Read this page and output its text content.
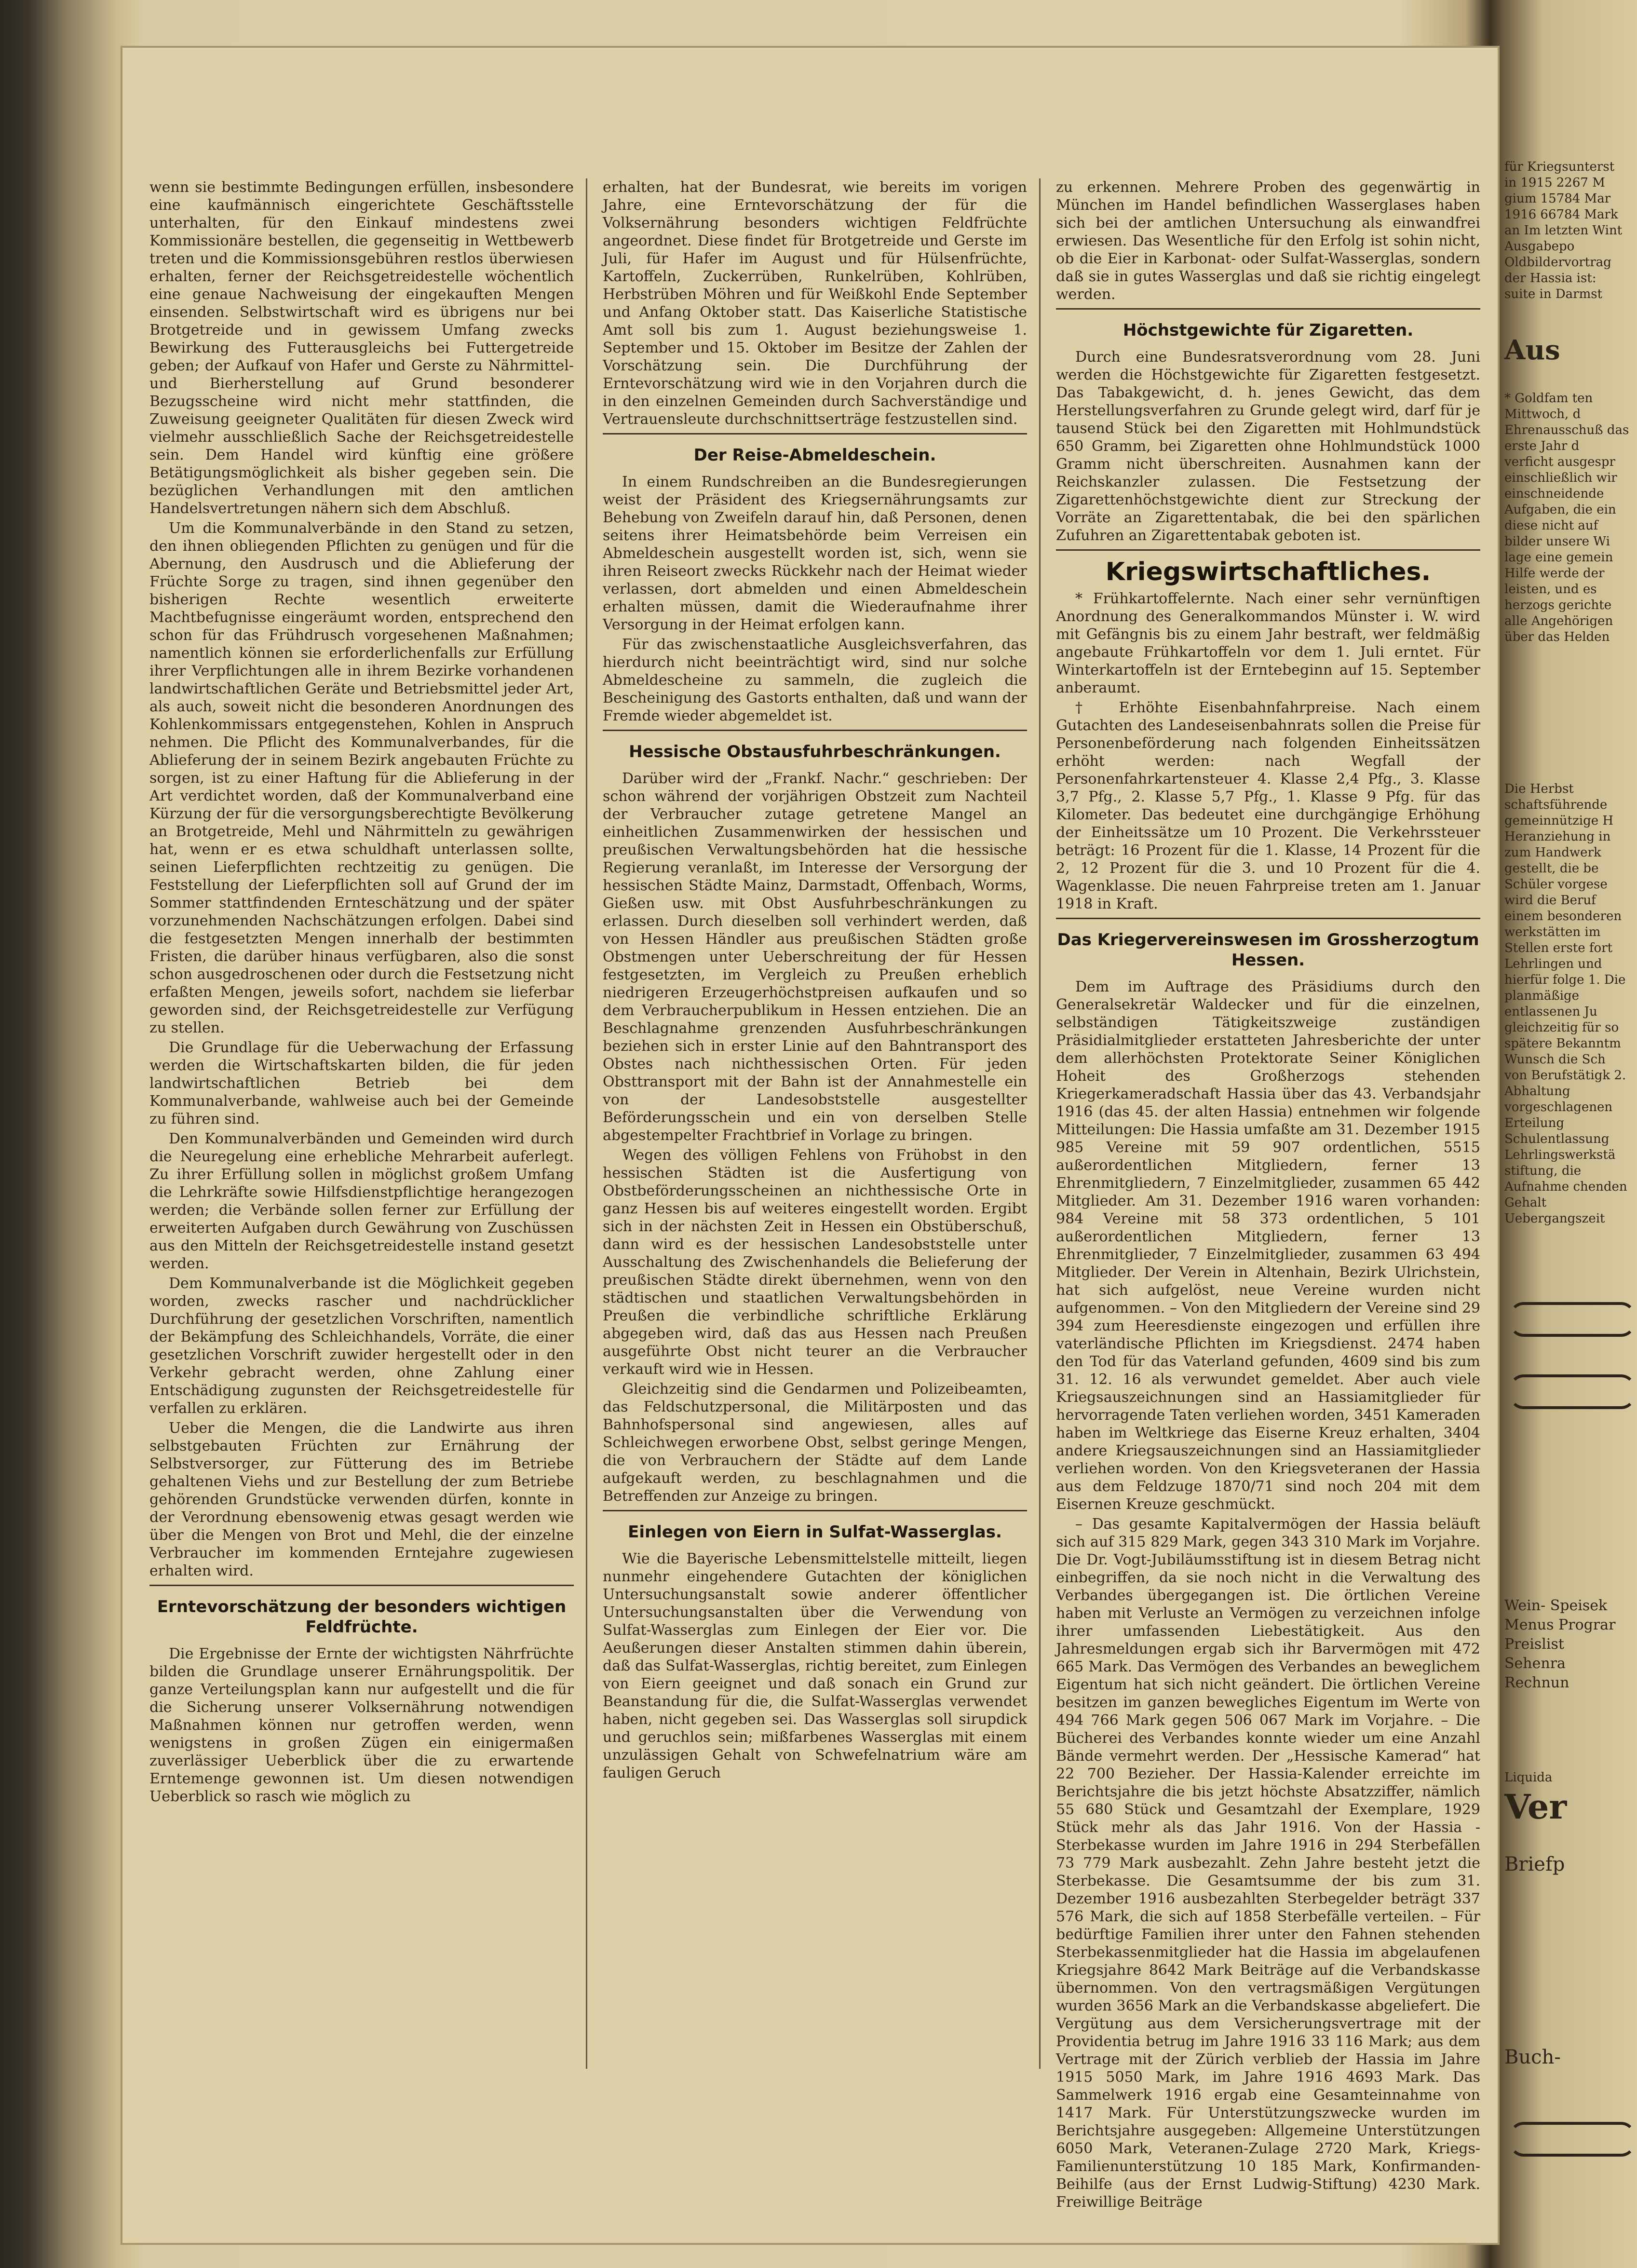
wenn sie bestimmte Bedingungen erfüllen, insbesondere eine kaufmännisch eingerichtete Geschäftsstelle unterhalten, für den Einkauf mindestens zwei Kommissionäre bestellen, die gegenseitig in Wettbewerb treten und die Kommissionsgebühren restlos überwiesen erhalten, ferner der Reichsgetreidestelle wöchentlich eine genaue Nachweisung der eingekauften Mengen einsenden. Selbstwirtschaft wird es übrigens nur bei Brotgetreide und in gewissem Umfang zwecks Bewirkung des Futterausgleichs bei Futtergetreide geben; der Aufkauf von Hafer und Gerste zu Nährmittel- und Bierherstellung auf Grund besonderer Bezugsscheine wird nicht mehr stattfinden, die Zuweisung geeigneter Qualitäten für diesen Zweck wird vielmehr ausschließlich Sache der Reichsgetreidestelle sein. Dem Handel wird künftig eine größere Betätigungsmöglichkeit als bisher gegeben sein. Die bezüglichen Verhandlungen mit den amtlichen Handelsvertretungen nähern sich dem Abschluß.

Um die Kommunalverbände in den Stand zu setzen, den ihnen obliegenden Pflichten zu genügen und für die Abernung, den Ausdrusch und die Ablieferung der Früchte Sorge zu tragen, sind ihnen gegenüber den bisherigen Rechte wesentlich erweiterte Machtbefugnisse eingeräumt worden, entsprechend den schon für das Frühdrusch vorgesehenen Maßnahmen; namentlich können sie erforderlichenfalls zur Erfüllung ihrer Verpflichtungen alle in ihrem Bezirke vorhandenen landwirtschaftlichen Geräte und Betriebsmittel jeder Art, als auch, soweit nicht die besonderen Anordnungen des Kohlenkommissars entgegenstehen, Kohlen in Anspruch nehmen. Die Pflicht des Kommunalverbandes, für die Ablieferung der in seinem Bezirk angebauten Früchte zu sorgen, ist zu einer Haftung für die Ablieferung in der Art verdichtet worden, daß der Kommunalverband eine Kürzung der für die versorgungsberechtigte Bevölkerung an Brotgetreide, Mehl und Nährmitteln zu gewährigen hat, wenn er es etwa schuldhaft unterlassen sollte, seinen Lieferpflichten rechtzeitig zu genügen. Die Feststellung der Lieferpflichten soll auf Grund der im Sommer stattfindenden Ernteschätzung und der später vorzunehmenden Nachschätzungen erfolgen. Dabei sind die festgesetzten Mengen innerhalb der bestimmten Fristen, die darüber hinaus verfügbaren, also die sonst schon ausgedroschenen oder durch die Festsetzung nicht erfaßten Mengen, jeweils sofort, nachdem sie lieferbar geworden sind, der Reichsgetreidestelle zur Verfügung zu stellen.

Die Grundlage für die Ueberwachung der Erfassung werden die Wirtschaftskarten bilden, die für jeden landwirtschaftlichen Betrieb bei dem Kommunalverbande, wahlweise auch bei der Gemeinde zu führen sind.

Den Kommunalverbänden und Gemeinden wird durch die Neuregelung eine erhebliche Mehrarbeit auferlegt. Zu ihrer Erfüllung sollen in möglichst großem Umfang die Lehrkräfte sowie Hilfsdienstpflichtige herangezogen werden; die Verbände sollen ferner zur Erfüllung der erweiterten Aufgaben durch Gewährung von Zuschüssen aus den Mitteln der Reichsgetreidestelle instand gesetzt werden.

Dem Kommunalverbande ist die Möglichkeit gegeben worden, zwecks rascher und nachdrücklicher Durchführung der gesetzlichen Vorschriften, namentlich der Bekämpfung des Schleichhandels, Vorräte, die einer gesetzlichen Vorschrift zuwider hergestellt oder in den Verkehr gebracht werden, ohne Zahlung einer Entschädigung zugunsten der Reichsgetreidestelle für verfallen zu erklären.

Ueber die Mengen, die die Landwirte aus ihren selbstgebauten Früchten zur Ernährung der Selbstversorger, zur Fütterung des im Betriebe gehaltenen Viehs und zur Bestellung der zum Betriebe gehörenden Grundstücke verwenden dürfen, konnte in der Verordnung ebensowenig etwas gesagt werden wie über die Mengen von Brot und Mehl, die der einzelne Verbraucher im kommenden Erntejahre zugewiesen erhalten wird.

Erntevorschätzung der besonders wichtigen Feldfrüchte.

Die Ergebnisse der Ernte der wichtigsten Nährfrüchte bilden die Grundlage unserer Ernährungspolitik. Der ganze Verteilungsplan kann nur aufgestellt und die für die Sicherung unserer Volksernährung notwendigen Maßnahmen können nur getroffen werden, wenn wenigstens in großen Zügen ein einigermaßen zuverlässiger Ueberblick über die zu erwartende Erntemenge gewonnen ist. Um diesen notwendigen Ueberblick so rasch wie möglich zu

erhalten, hat der Bundesrat, wie bereits im vorigen Jahre, eine Erntevorschätzung der für die Volksernährung besonders wichtigen Feldfrüchte angeordnet. Diese findet für Brotgetreide und Gerste im Juli, für Hafer im August und für Hülsenfrüchte, Kartoffeln, Zuckerrüben, Runkelrüben, Kohlrüben, Herbstrüben Möhren und für Weißkohl Ende September und Anfang Oktober statt. Das Kaiserliche Statistische Amt soll bis zum 1. August beziehungsweise 1. September und 15. Oktober im Besitze der Zahlen der Vorschätzung sein. Die Durchführung der Erntevorschätzung wird wie in den Vorjahren durch die in den einzelnen Gemeinden durch Sachverständige und Vertrauensleute durchschnittserträge festzustellen sind.

Der Reise-Abmeldeschein.

In einem Rundschreiben an die Bundesregierungen weist der Präsident des Kriegsernährungsamts zur Behebung von Zweifeln darauf hin, daß Personen, denen seitens ihrer Heimatsbehörde beim Verreisen ein Abmeldeschein ausgestellt worden ist, sich, wenn sie ihren Reiseort zwecks Rückkehr nach der Heimat wieder verlassen, dort abmelden und einen Abmeldeschein erhalten müssen, damit die Wiederaufnahme ihrer Versorgung in der Heimat erfolgen kann.

Für das zwischenstaatliche Ausgleichsverfahren, das hierdurch nicht beeinträchtigt wird, sind nur solche Abmeldescheine zu sammeln, die zugleich die Bescheinigung des Gastorts enthalten, daß und wann der Fremde wieder abgemeldet ist.

Hessische Obstausfuhrbeschränkungen.

Darüber wird der „Frankf. Nachr.“ geschrieben: Der schon während der vorjährigen Obstzeit zum Nachteil der Verbraucher zutage getretene Mangel an einheitlichen Zusammenwirken der hessischen und preußischen Verwaltungsbehörden hat die hessische Regierung veranlaßt, im Interesse der Versorgung der hessischen Städte Mainz, Darmstadt, Offenbach, Worms, Gießen usw. mit Obst Ausfuhrbeschränkungen zu erlassen. Durch dieselben soll verhindert werden, daß von Hessen Händler aus preußischen Städten große Obstmengen unter Ueberschreitung der für Hessen festgesetzten, im Vergleich zu Preußen erheblich niedrigeren Erzeugerhöchstpreisen aufkaufen und so dem Verbraucherpublikum in Hessen entziehen. Die an Beschlagnahme grenzenden Ausfuhrbeschränkungen beziehen sich in erster Linie auf den Bahntransport des Obstes nach nichthessischen Orten. Für jeden Obsttransport mit der Bahn ist der Annahmestelle ein von der Landesobststelle ausgestellter Beförderungsschein und ein von derselben Stelle abgestempelter Frachtbrief in Vorlage zu bringen.

Wegen des völligen Fehlens von Frühobst in den hessischen Städten ist die Ausfertigung von Obstbeförderungsscheinen an nichthessische Orte in ganz Hessen bis auf weiteres eingestellt worden. Ergibt sich in der nächsten Zeit in Hessen ein Obstüberschuß, dann wird es der hessischen Landesobststelle unter Ausschaltung des Zwischenhandels die Belieferung der preußischen Städte direkt übernehmen, wenn von den städtischen und staatlichen Verwaltungsbehörden in Preußen die verbindliche schriftliche Erklärung abgegeben wird, daß das aus Hessen nach Preußen ausgeführte Obst nicht teurer an die Verbraucher verkauft wird wie in Hessen.

Gleichzeitig sind die Gendarmen und Polizeibeamten, das Feldschutzpersonal, die Militärposten und das Bahnhofspersonal sind angewiesen, alles auf Schleichwegen erworbene Obst, selbst geringe Mengen, die von Verbrauchern der Städte auf dem Lande aufgekauft werden, zu beschlagnahmen und die Betreffenden zur Anzeige zu bringen.

Einlegen von Eiern in Sulfat-Wasserglas.

Wie die Bayerische Lebensmittelstelle mitteilt, liegen nunmehr eingehendere Gutachten der königlichen Untersuchungsanstalt sowie anderer öffentlicher Untersuchungsanstalten über die Verwendung von Sulfat-Wasserglas zum Einlegen der Eier vor. Die Aeußerungen dieser Anstalten stimmen dahin überein, daß das Sulfat-Wasserglas, richtig bereitet, zum Einlegen von Eiern geeignet und daß sonach ein Grund zur Beanstandung für die, die Sulfat-Wasserglas verwendet haben, nicht gegeben sei. Das Wasserglas soll sirupdick und geruchlos sein; mißfarbenes Wasserglas mit einem unzulässigen Gehalt von Schwefelnatrium wäre am fauligen Geruch

zu erkennen. Mehrere Proben des gegenwärtig in München im Handel befindlichen Wasserglases haben sich bei der amtlichen Untersuchung als einwandfrei erwiesen. Das Wesentliche für den Erfolg ist sohin nicht, ob die Eier in Karbonat- oder Sulfat-Wasserglas, sondern daß sie in gutes Wasserglas und daß sie richtig eingelegt werden.

Höchstgewichte für Zigaretten.

Durch eine Bundesratsverordnung vom 28. Juni werden die Höchstgewichte für Zigaretten festgesetzt. Das Tabakgewicht, d. h. jenes Gewicht, das dem Herstellungsverfahren zu Grunde gelegt wird, darf für je tausend Stück bei den Zigaretten mit Hohlmundstück 650 Gramm, bei Zigaretten ohne Hohlmundstück 1000 Gramm nicht überschreiten. Ausnahmen kann der Reichskanzler zulassen. Die Festsetzung der Zigarettenhöchstgewichte dient zur Streckung der Vorräte an Zigarettentabak, die bei den spärlichen Zufuhren an Zigarettentabak geboten ist.

Kriegswirtschaftliches.

* Frühkartoffelernte. Nach einer sehr vernünftigen Anordnung des Generalkommandos Münster i. W. wird mit Gefängnis bis zu einem Jahr bestraft, wer feldmäßig angebaute Frühkartoffeln vor dem 1. Juli erntet. Für Winterkartoffeln ist der Erntebeginn auf 15. September anberaumt.

† Erhöhte Eisenbahnfahrpreise. Nach einem Gutachten des Landeseisenbahnrats sollen die Preise für Personenbeförderung nach folgenden Einheitssätzen erhöht werden: nach Wegfall der Personenfahrkartensteuer 4. Klasse 2,4 Pfg., 3. Klasse 3,7 Pfg., 2. Klasse 5,7 Pfg., 1. Klasse 9 Pfg. für das Kilometer. Das bedeutet eine durchgängige Erhöhung der Einheitssätze um 10 Prozent. Die Verkehrssteuer beträgt: 16 Prozent für die 1. Klasse, 14 Prozent für die 2, 12 Prozent für die 3. und 10 Prozent für die 4. Wagenklasse. Die neuen Fahrpreise treten am 1. Januar 1918 in Kraft.

Das Kriegervereinswesen im Grossherzogtum Hessen.

Dem im Auftrage des Präsidiums durch den Generalsekretär Waldecker und für die einzelnen, selbständigen Tätigkeitszweige zuständigen Präsidialmitglieder erstatteten Jahresberichte der unter dem allerhöchsten Protektorate Seiner Königlichen Hoheit des Großherzogs stehenden Kriegerkameradschaft Hassia über das 43. Verbandsjahr 1916 (das 45. der alten Hassia) entnehmen wir folgende Mitteilungen: Die Hassia umfaßte am 31. Dezember 1915 985 Vereine mit 59 907 ordentlichen, 5515 außerordentlichen Mitgliedern, ferner 13 Ehrenmitgliedern, 7 Einzelmitglieder, zusammen 65 442 Mitglieder. Am 31. Dezember 1916 waren vorhanden: 984 Vereine mit 58 373 ordentlichen, 5 101 außerordentlichen Mitgliedern, ferner 13 Ehrenmitglieder, 7 Einzelmitglieder, zusammen 63 494 Mitglieder. Der Verein in Altenhain, Bezirk Ulrichstein, hat sich aufgelöst, neue Vereine wurden nicht aufgenommen. – Von den Mitgliedern der Vereine sind 29 394 zum Heeresdienste eingezogen und erfüllen ihre vaterländische Pflichten im Kriegsdienst. 2474 haben den Tod für das Vaterland gefunden, 4609 sind bis zum 31. 12. 16 als verwundet gemeldet. Aber auch viele Kriegsauszeichnungen sind an Hassiamitglieder für hervorragende Taten verliehen worden, 3451 Kameraden haben im Weltkriege das Eiserne Kreuz erhalten, 3404 andere Kriegsauszeichnungen sind an Hassiamitglieder verliehen worden. Von den Kriegsveteranen der Hassia aus dem Feldzuge 1870/71 sind noch 204 mit dem Eisernen Kreuze geschmückt.

– Das gesamte Kapitalvermögen der Hassia beläuft sich auf 315 829 Mark, gegen 343 310 Mark im Vorjahre. Die Dr. Vogt-Jubiläumsstiftung ist in diesem Betrag nicht einbegriffen, da sie noch nicht in die Verwaltung des Verbandes übergegangen ist. Die örtlichen Vereine haben mit Verluste an Vermögen zu verzeichnen infolge ihrer umfassenden Liebestätigkeit. Aus den Jahresmeldungen ergab sich ihr Barvermögen mit 472 665 Mark. Das Vermögen des Verbandes an beweglichem Eigentum hat sich nicht geändert. Die örtlichen Vereine besitzen im ganzen bewegliches Eigentum im Werte von 494 766 Mark gegen 506 067 Mark im Vorjahre. – Die Bücherei des Verbandes konnte wieder um eine Anzahl Bände vermehrt werden. Der „Hessische Kamerad“ hat 22 700 Bezieher. Der Hassia-Kalender erreichte im Berichtsjahre die bis jetzt höchste Absatzziffer, nämlich 55 680 Stück und Gesamtzahl der Exemplare, 1929 Stück mehr als das Jahr 1916. Von der Hassia - Sterbekasse wurden im Jahre 1916 in 294 Sterbefällen 73 779 Mark ausbezahlt. Zehn Jahre besteht jetzt die Sterbekasse. Die Gesamtsumme der bis zum 31. Dezember 1916 ausbezahlten Sterbegelder beträgt 337 576 Mark, die sich auf 1858 Sterbefälle verteilen. – Für bedürftige Familien ihrer unter den Fahnen stehenden Sterbekassenmitglieder hat die Hassia im abgelaufenen Kriegsjahre 8642 Mark Beiträge auf die Verbandskasse übernommen. Von den vertragsmäßigen Vergütungen wurden 3656 Mark an die Verbandskasse abgeliefert. Die Vergütung aus dem Versicherungsvertrage mit der Providentia betrug im Jahre 1916 33 116 Mark; aus dem Vertrage mit der Zürich verblieb der Hassia im Jahre 1915 5050 Mark, im Jahre 1916 4693 Mark. Das Sammelwerk 1916 ergab eine Gesamteinnahme von 1417 Mark. Für Unterstützungszwecke wurden im Berichtsjahre ausgegeben: Allgemeine Unterstützungen 6050 Mark, Veteranen-Zulage 2720 Mark, Kriegs-Familienunterstützung 10 185 Mark, Konfirmanden-Beihilfe (aus der Ernst Ludwig-Stiftung) 4230 Mark. Freiwillige Beiträge

für Kriegsunterst in 1915 2267 M gium 15784 Mar 1916 66784 Mark an Im letzten Wint Ausgabepo Oldbildervortrag der Hassia ist: suite in Darmst
Aus
* Goldfam ten Mittwoch, d Ehrenausschuß das erste Jahr d verficht ausgespr einschließlich wir einschneidende Aufgaben, die ein diese nicht auf bilder unsere Wi lage eine gemein Hilfe werde der leisten, und es herzogs gerichte alle Angehörigen über das Helden
Die Herbst schaftsführende gemeinnützige H Heranziehung in zum Handwerk gestellt, die be Schüler vorgese wird die Beruf einem besonderen werkstätten im Stellen erste fort Lehrlingen und hierfür folge 1. Die planmäßige entlassenen Ju gleichzeitig für so spätere Bekanntm Wunsch die Sch von Berufstätigk 2. Abhaltung vorgeschlagenen Erteilung Schulentlassung Lehrlingswerkstä stiftung, die Aufnahme chenden Gehalt Uebergangszeit
Wein- Speisek Menus Prograr Preislist Sehenra Rechnun
Liquida
Ver
Briefp
Buch-
